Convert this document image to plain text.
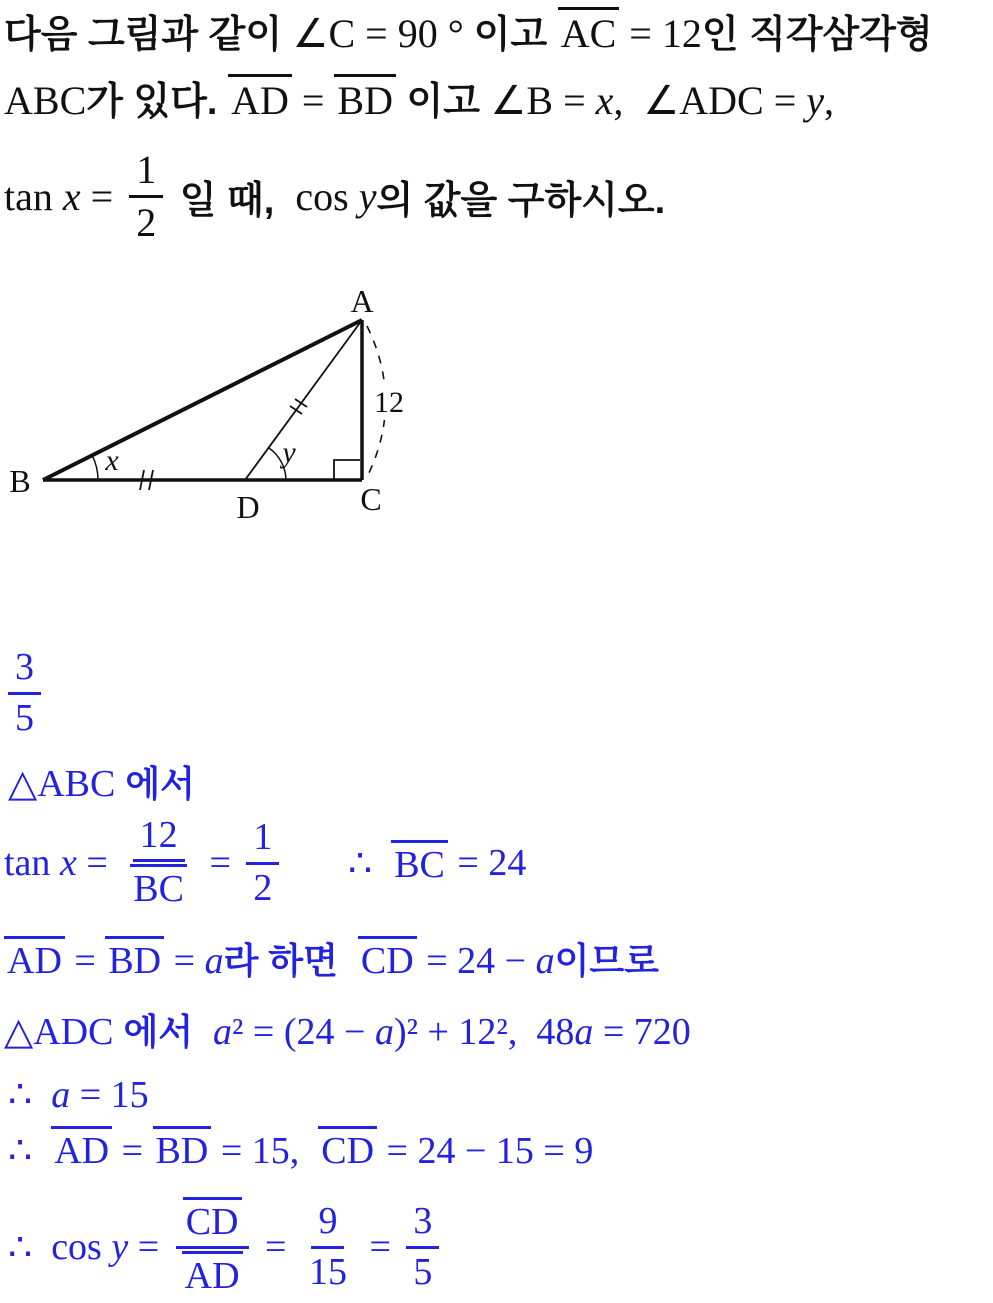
다음 그림과 같이 ∠C = 90 ° 이고 AC = 12 인 직각삼각형
ABC 가 있다. AD = BD 이고 ∠B = x , ∠ADC = y ,
$\tan x = \frac{1}{2}$ 일 때, cos y 의 값을 구하시오.
A
B	C
D
12
x	y
$\frac{3}{5}$
△ABC 에서
$\tan x = \frac{12}{BC} = \frac{1}{2}$ ∴ BC = 24
AD = BD = a 라 하면 CD = 24 − a 이므로
△ADC 에서 a ² = (24 − a )² + 12²,  48 a = 720
∴ a = 15
∴ AD = BD = 15, CD = 24 − 15 = 9
∴ $\cos y = \frac{CD}{AD} = \frac{9}{15} = \frac{3}{5}$
